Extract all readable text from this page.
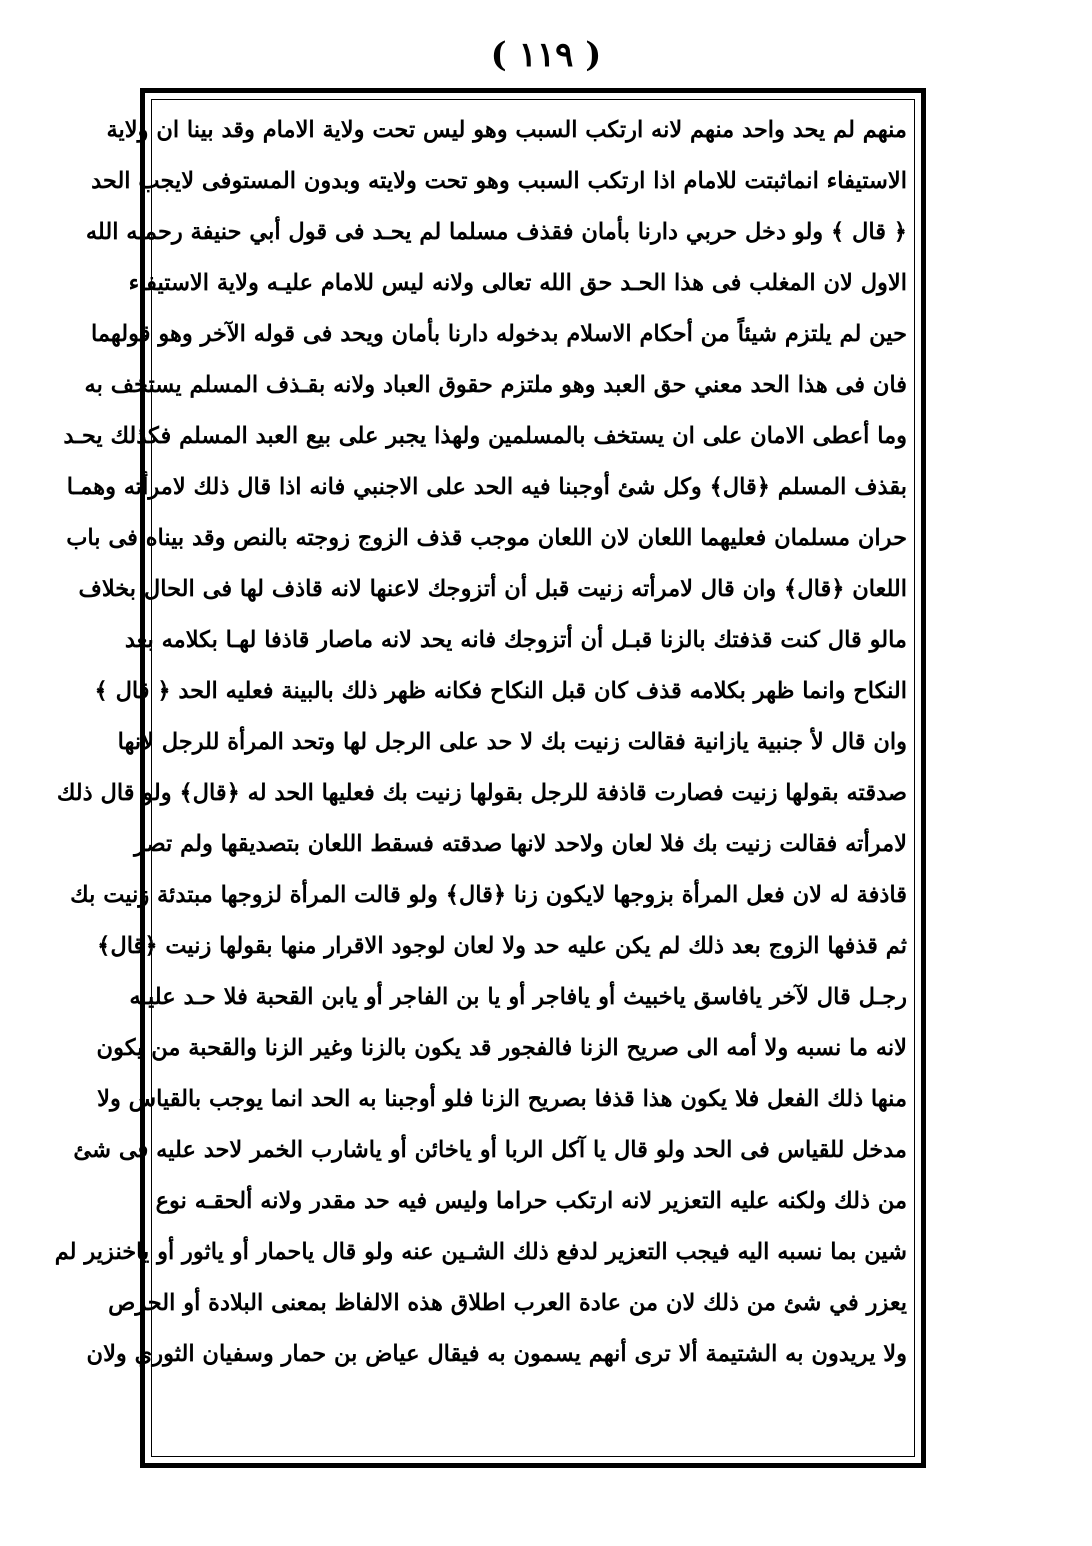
( ١١٩ )
منهم لم يحد واحد منهم لانه ارتكب السبب وهو ليس تحت ولاية الامام وقد بينا ان ولاية
الاستيفاء انماثبتت للامام اذا ارتكب السبب وهو تحت ولايته وبدون المستوفى لايجب الحد
﴿ قال ﴾ ولو دخل حربي دارنا بأمان فقذف مسلما لم يحـد فى قول أبي حنيفة رحمـه الله
الاول لان المغلب فى هذا الحـد حق الله تعالى ولانه ليس للامام عليـه ولاية الاستيفاء
حين لم يلتزم شيئاً من أحكام الاسلام بدخوله دارنا بأمان ويحد فى قوله الآخر وهو قولهما
فان فى هذا الحد معني حق العبد وهو ملتزم حقوق العباد ولانه بقـذف المسلم يستخف به
وما أعطى الامان على ان يستخف بالمسلمين ولهذا يجبر على بيع العبد المسلم فكذلك يحـد
بقذف المسلم ﴿قال﴾ وكل شئ أوجبنا فيه الحد على الاجنبي فانه اذا قال ذلك لامرأته وهمـا
حران مسلمان فعليهما اللعان لان اللعان موجب قذف الزوج زوجته بالنص وقد بيناه فى باب
اللعان ﴿قال﴾ وان قال لامرأته زنيت قبل أن أتزوجك لاعنها لانه قاذف لها فى الحال بخلاف
مالو قال كنت قذفتك بالزنا قبـل أن أتزوجك فانه يحد لانه ماصار قاذفا لهـا بكلامه بعد
النكاح وانما ظهر بكلامه قذف كان قبل النكاح فكانه ظهر ذلك بالبينة فعليه الحد ﴿ قال ﴾
وان قال لأ جنبية يازانية فقالت زنيت بك لا حد على الرجل لها وتحد المرأة للرجل لأنها
صدقته بقولها زنيت فصارت قاذفة للرجل بقولها زنيت بك فعليها الحد له ﴿قال﴾ ولو قال ذلك
لامرأته فقالت زنيت بك فلا لعان ولاحد لانها صدقته فسقط اللعان بتصديقها ولم تصر
قاذفة له لان فعل المرأة بزوجها لايكون زنا ﴿قال﴾ ولو قالت المرأة لزوجها مبتدئة زنيت بك
ثم قذفها الزوج بعد ذلك لم يكن عليه حد ولا لعان لوجود الاقرار منها بقولها زنيت ﴿قال﴾
رجـل قال لآخر يافاسق ياخبيث أو يافاجر أو يا بن الفاجر أو يابن القحبة فلا حـد عليـه
لانه ما نسبه ولا أمه الى صريح الزنا فالفجور قد يكون بالزنا وغير الزنا والقحبة من يكون
منها ذلك الفعل فلا يكون هذا قذفا بصريح الزنا فلو أوجبنا به الحد انما يوجب بالقياس ولا
مدخل للقياس فى الحد ولو قال يا آكل الربا أو ياخائن أو ياشارب الخمر لاحد عليه فى شئ
من ذلك ولكنه عليه التعزير لانه ارتكب حراما وليس فيه حد مقدر ولانه ألحقـه نوع
شين بما نسبه اليه فيجب التعزير لدفع ذلك الشـين عنه ولو قال ياحمار أو ياثور أو ياخنزير لم
يعزر في شئ من ذلك لان من عادة العرب اطلاق هذه الالفاظ بمعنى البلادة أو الحرص
ولا يريدون به الشتيمة ألا ترى أنهم يسمون به فيقال عياض بن حمار وسفيان الثوري ولان
